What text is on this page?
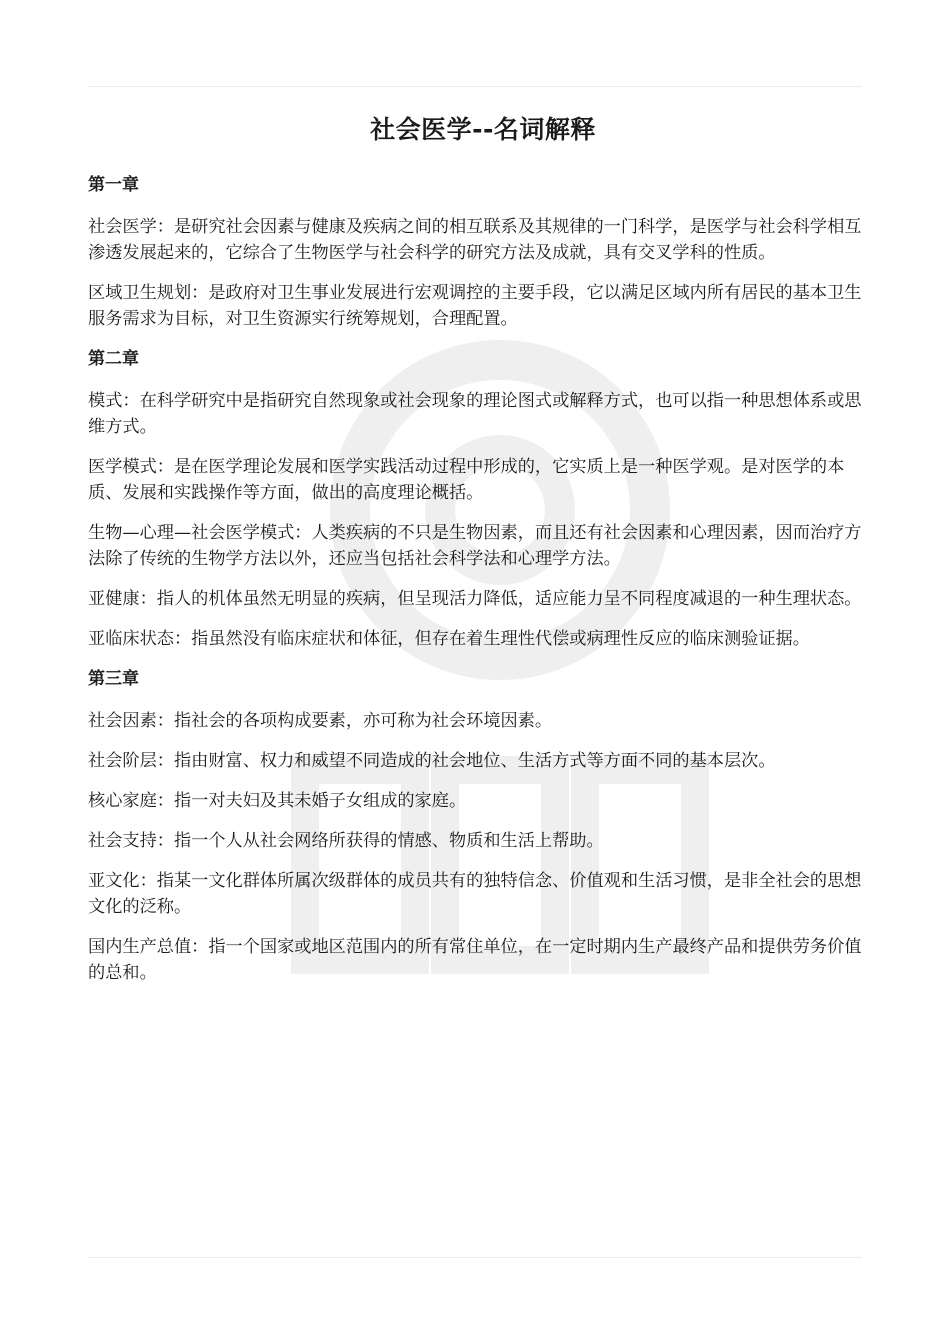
社会医学--名词解释
第一章
社会医学：是研究社会因素与健康及疾病之间的相互联系及其规律的一门科学，是医学与社会科学相互渗透发展起来的，它综合了生物医学与社会科学的研究方法及成就，具有交叉学科的性质。
区域卫生规划：是政府对卫生事业发展进行宏观调控的主要手段，它以满足区域内所有居民的基本卫生服务需求为目标，对卫生资源实行统筹规划，合理配置。
第二章
模式：在科学研究中是指研究自然现象或社会现象的理论图式或解释方式，也可以指一种思想体系或思维方式。
医学模式：是在医学理论发展和医学实践活动过程中形成的，它实质上是一种医学观。是对医学的本质、发展和实践操作等方面，做出的高度理论概括。
生物—心理—社会医学模式：人类疾病的不只是生物因素，而且还有社会因素和心理因素，因而治疗方法除了传统的生物学方法以外，还应当包括社会科学法和心理学方法。
亚健康：指人的机体虽然无明显的疾病，但呈现活力降低，适应能力呈不同程度减退的一种生理状态。
亚临床状态：指虽然没有临床症状和体征，但存在着生理性代偿或病理性反应的临床测验证据。
第三章
社会因素：指社会的各项构成要素，亦可称为社会环境因素。
社会阶层：指由财富、权力和威望不同造成的社会地位、生活方式等方面不同的基本层次。
核心家庭：指一对夫妇及其未婚子女组成的家庭。
社会支持：指一个人从社会网络所获得的情感、物质和生活上帮助。
亚文化：指某一文化群体所属次级群体的成员共有的独特信念、价值观和生活习惯，是非全社会的思想文化的泛称。
国内生产总值：指一个国家或地区范围内的所有常住单位，在一定时期内生产最终产品和提供劳务价值的总和。
